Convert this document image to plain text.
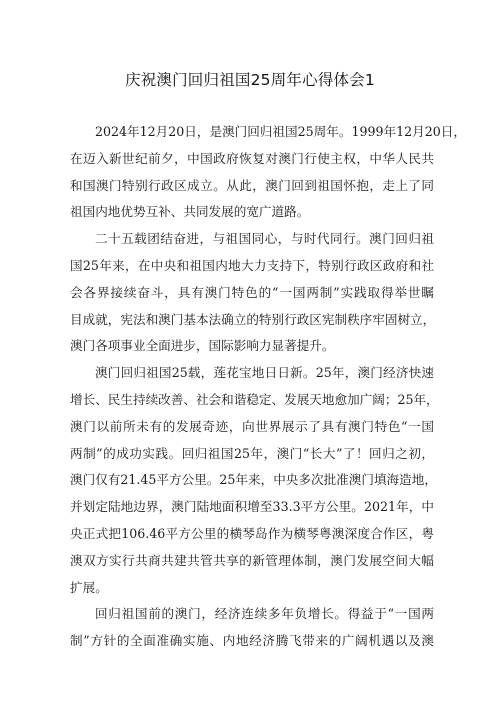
庆祝澳门回归祖国25周年心得体会1

2024年12月20日，是澳门回归祖国25周年。1999年12月20日，
在迈入新世纪前夕，中国政府恢复对澳门行使主权，中华人民共
和国澳门特别行政区成立。从此，澳门回到祖国怀抱，走上了同
祖国内地优势互补、共同发展的宽广道路。

二十五载团结奋进，与祖国同心，与时代同行。澳门回归祖
国25年来，在中央和祖国内地大力支持下，特别行政区政府和社
会各界接续奋斗，具有澳门特色的“一国两制”实践取得举世瞩
目成就，宪法和澳门基本法确立的特别行政区宪制秩序牢固树立，
澳门各项事业全面进步，国际影响力显著提升。

澳门回归祖国25载，莲花宝地日日新。25年，澳门经济快速
增长、民生持续改善、社会和谐稳定、发展天地愈加广阔；25年，
澳门以前所未有的发展奇迹，向世界展示了具有澳门特色“一国
两制”的成功实践。回归祖国25年，澳门“长大”了！回归之初，
澳门仅有21.45平方公里。25年来，中央多次批准澳门填海造地，
并划定陆地边界，澳门陆地面积增至33.3平方公里。2021年，中
央正式把106.46平方公里的横琴岛作为横琴粤澳深度合作区，粤
澳双方实行共商共建共管共享的新管理体制，澳门发展空间大幅
扩展。

回归祖国前的澳门，经济连续多年负增长。得益于“一国两
制”方针的全面准确实施、内地经济腾飞带来的广阔机遇以及澳
